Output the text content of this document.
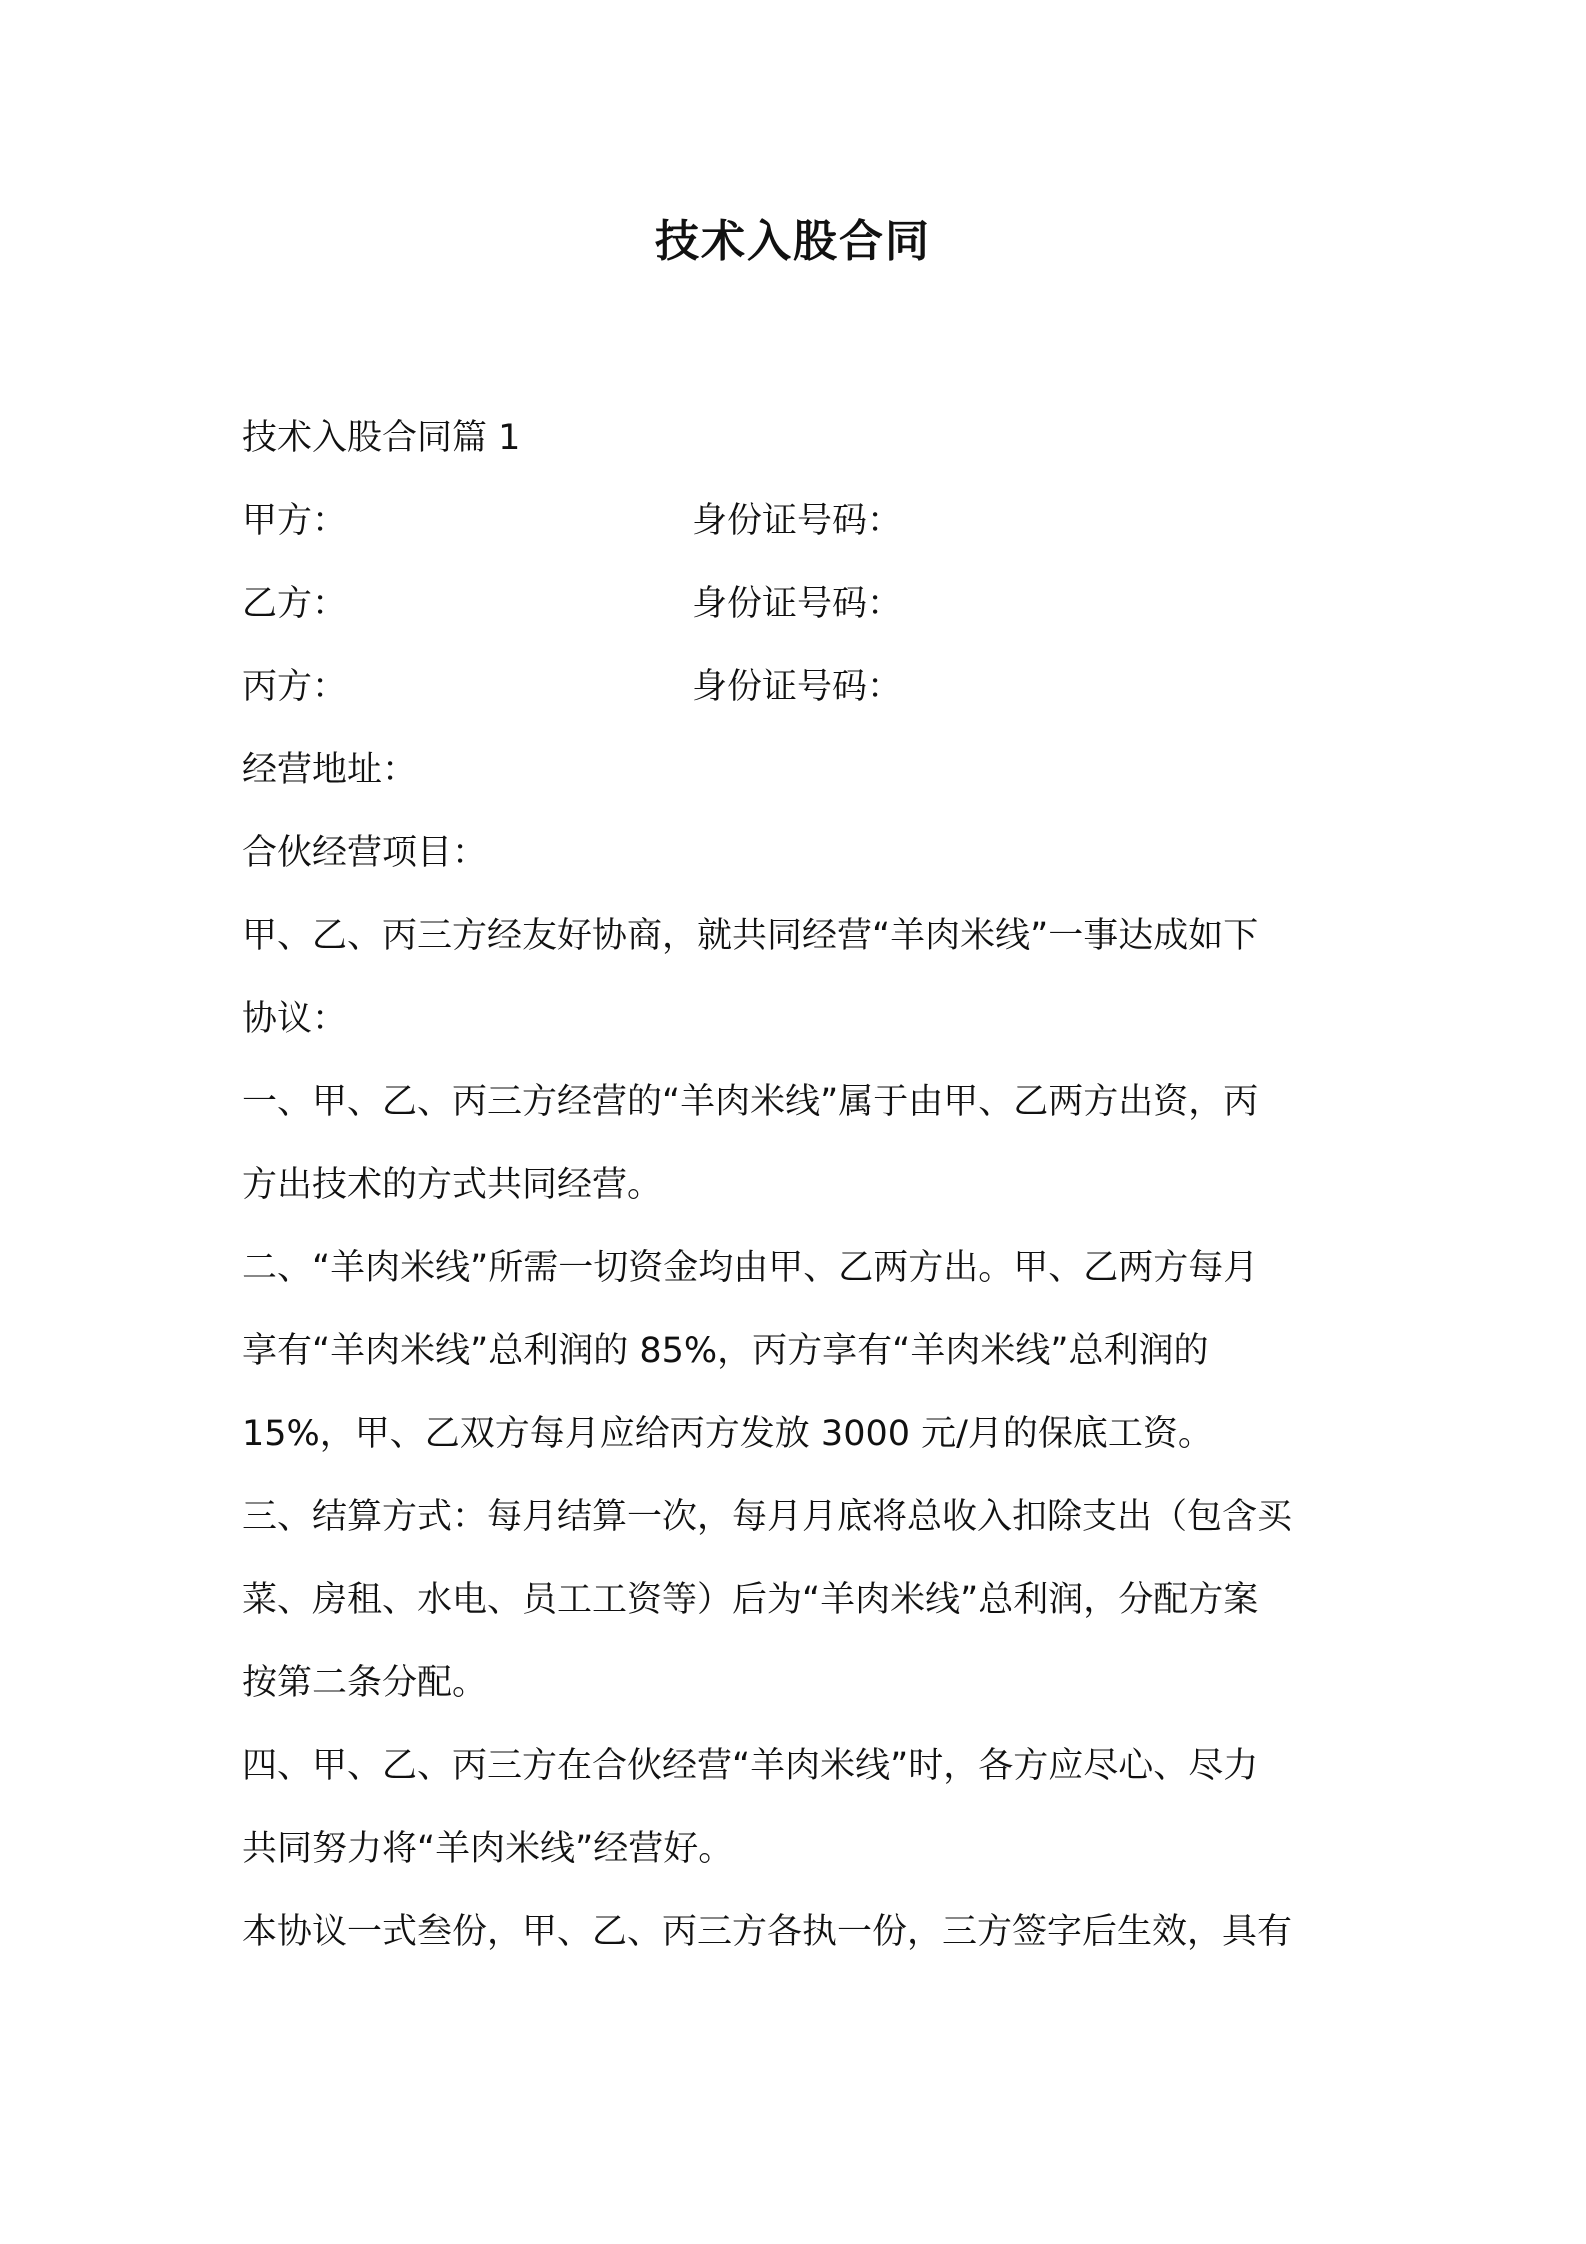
技术入股合同
技术入股合同篇 1
甲方：	身份证号码：
乙方：	身份证号码：
丙方：	身份证号码：
经营地址：
合伙经营项目：
甲、乙、丙三方经友好协商，就共同经营“羊肉米线”一事达成如下
协议：
一、甲、乙、丙三方经营的“羊肉米线”属于由甲、乙两方出资，丙
方出技术的方式共同经营。
二、“羊肉米线”所需一切资金均由甲、乙两方出。甲、乙两方每月
享有“羊肉米线”总利润的 85%，丙方享有“羊肉米线”总利润的
15%，甲、乙双方每月应给丙方发放 3000 元/月的保底工资。
三、结算方式：每月结算一次，每月月底将总收入扣除支出（包含买
菜、房租、水电、员工工资等）后为“羊肉米线”总利润，分配方案
按第二条分配。
四、甲、乙、丙三方在合伙经营“羊肉米线”时，各方应尽心、尽力
共同努力将“羊肉米线”经营好。
本协议一式叁份，甲、乙、丙三方各执一份，三方签字后生效，具有
